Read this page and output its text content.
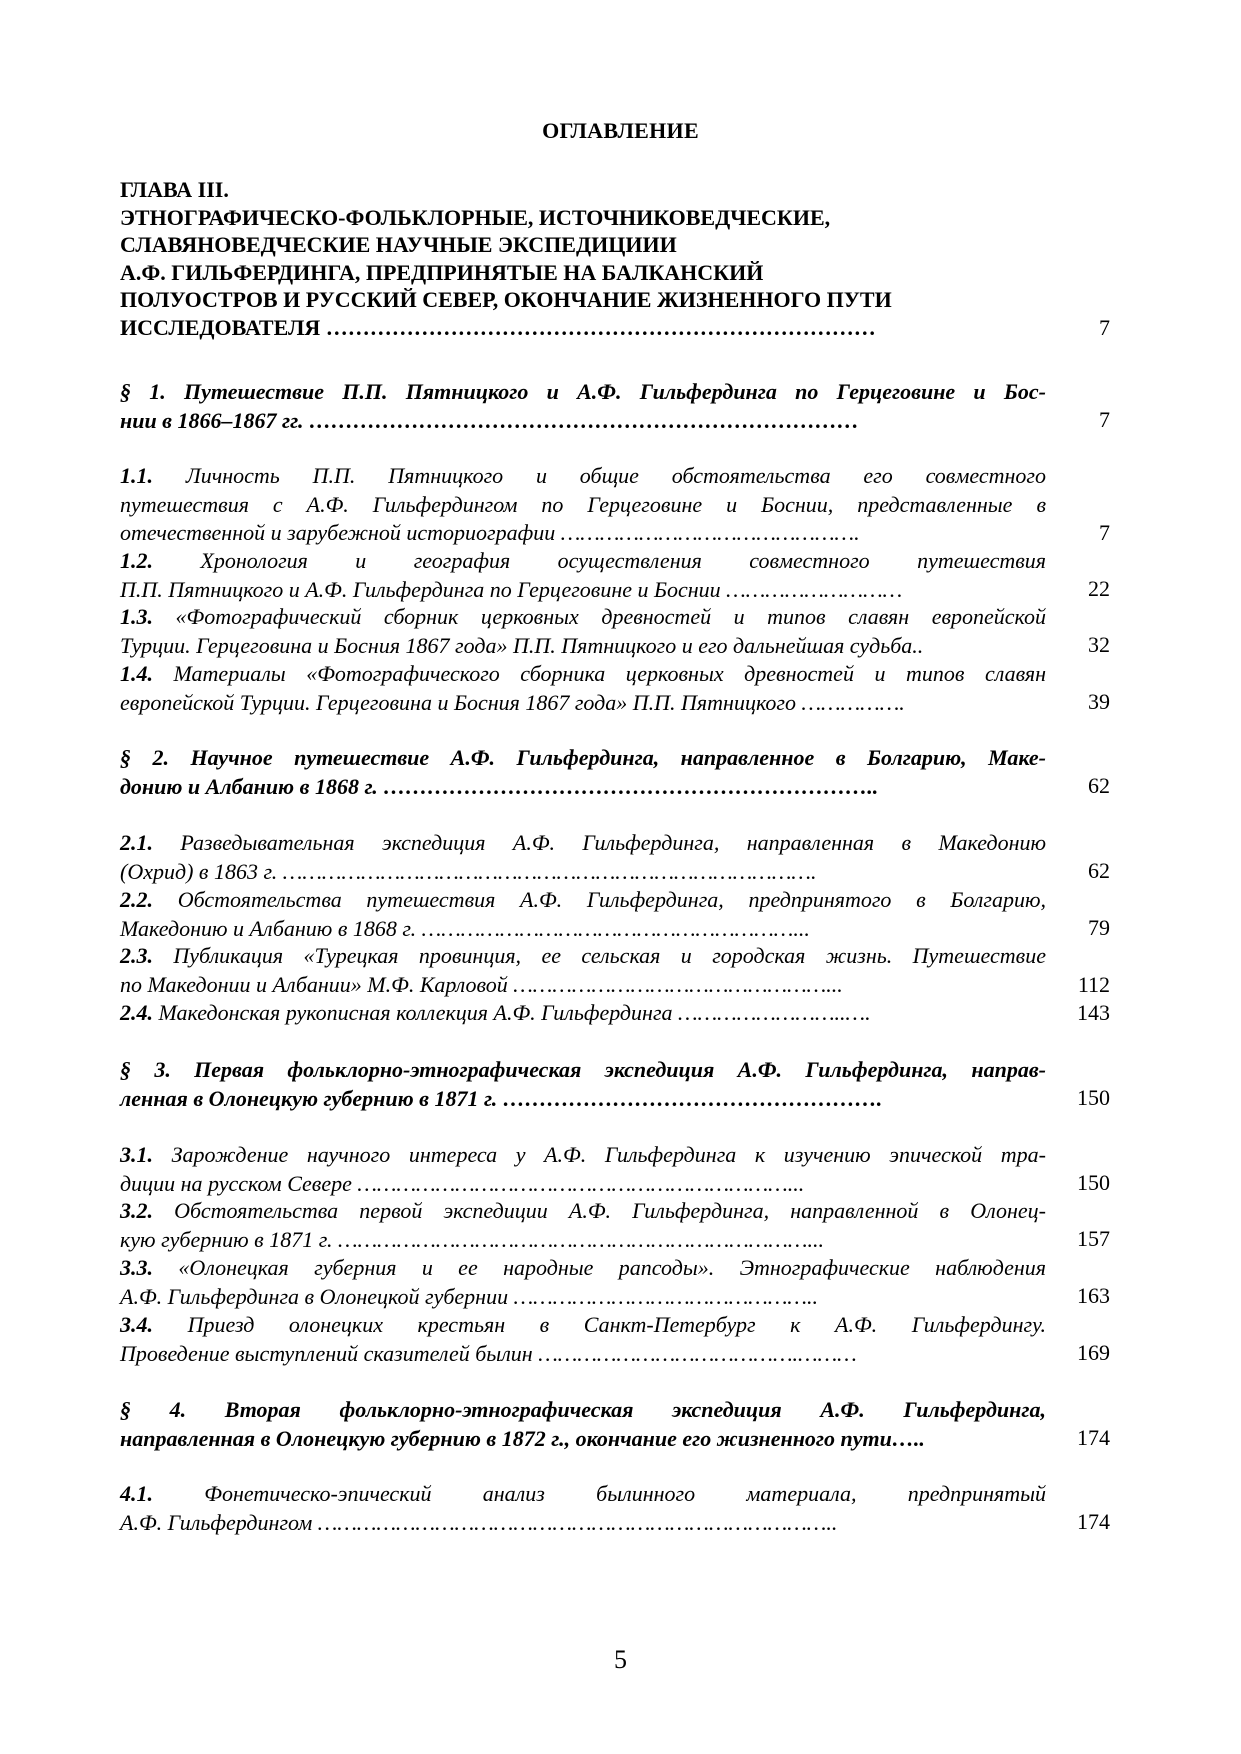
ОГЛАВЛЕНИЕ
ГЛАВА III.
ЭТНОГРАФИЧЕСКО-ФОЛЬКЛОРНЫЕ, ИСТОЧНИКОВЕДЧЕСКИЕ,
СЛАВЯНОВЕДЧЕСКИЕ НАУЧНЫЕ ЭКСПЕДИЦИИИ
А.Ф. ГИЛЬФЕРДИНГА, ПРЕДПРИНЯТЫЕ НА БАЛКАНСКИЙ
ПОЛУОСТРОВ И РУССКИЙ СЕВЕР, ОКОНЧАНИЕ ЖИЗНЕННОГО ПУТИ
ИССЛЕДОВАТЕЛЯ …………………………………………………………………	7
§ 1. Путешествие П.П. Пятницкого и А.Ф. Гильфердинга по Герцеговине и Бос-
нии в 1866–1867 гг. …………………………………………………………………	7
1.1. Личность П.П. Пятницкого и общие обстоятельства его совместного
путешествия с А.Ф. Гильфердингом по Герцеговине и Боснии, представленные в
отечественной и зарубежной историографии ……………………………………….	7
1.2. Хронология и география осуществления совместного путешествия
П.П. Пятницкого и А.Ф. Гильфердинга по Герцеговине и Боснии ………………………	22
1.3. «Фотографический сборник церковных древностей и типов славян европейской
Турции. Герцеговина и Босния 1867 года» П.П. Пятницкого и его дальнейшая судьба..	32
1.4. Материалы «Фотографического сборника церковных древностей и типов славян
европейской Турции. Герцеговина и Босния 1867 года» П.П. Пятницкого …………….	39
§ 2. Научное путешествие А.Ф. Гильфердинга, направленное в Болгарию, Маке-
донию и Албанию в 1868 г. …………………………………………………………..	62
2.1. Разведывательная экспедиция А.Ф. Гильфердинга, направленная в Македонию
(Охрид) в 1863 г. ……………………………………………………………………….	62
2.2. Обстоятельства путешествия А.Ф. Гильфердинга, предпринятого в Болгарию,
Македонию и Албанию в 1868 г. …………………………………………………...	79
2.3. Публикация «Турецкая провинция, ее сельская и городская жизнь. Путешествие
по Македонии и Албании» М.Ф. Карловой …………………………………………...	112
2.4. Македонская рукописная коллекция А.Ф. Гильфердинга ……………………..….	143
§ 3. Первая фольклорно-этнографическая экспедиция А.Ф. Гильфердинга, направ-
ленная в Олонецкую губернию в 1871 г. …………………………………………….	150
3.1. Зарождение научного интереса у А.Ф. Гильфердинга к изучению эпической тра-
диции на русском Севере …………………………………………………………...	150
3.2. Обстоятельства первой экспедиции А.Ф. Гильфердинга, направленной в Олонец-
кую губернию в 1871 г. ………………………………………………………………...	157
3.3. «Олонецкая губерния и ее народные рапсоды». Этнографические наблюдения
А.Ф. Гильфердинга в Олонецкой губернии ………………………………………..	163
3.4. Приезд олонецких крестьян в Санкт-Петербург к А.Ф. Гильфердингу.
Проведение выступлений сказителей былин ………………………………….………	169
§ 4. Вторая фольклорно-этнографическая экспедиция А.Ф. Гильфердинга,
направленная в Олонецкую губернию в 1872 г., окончание его жизненного пути…..	174
4.1. Фонетическо-эпический анализ былинного материала, предпринятый
А.Ф. Гильфердингом ……………………………………………………………………..	174
5
